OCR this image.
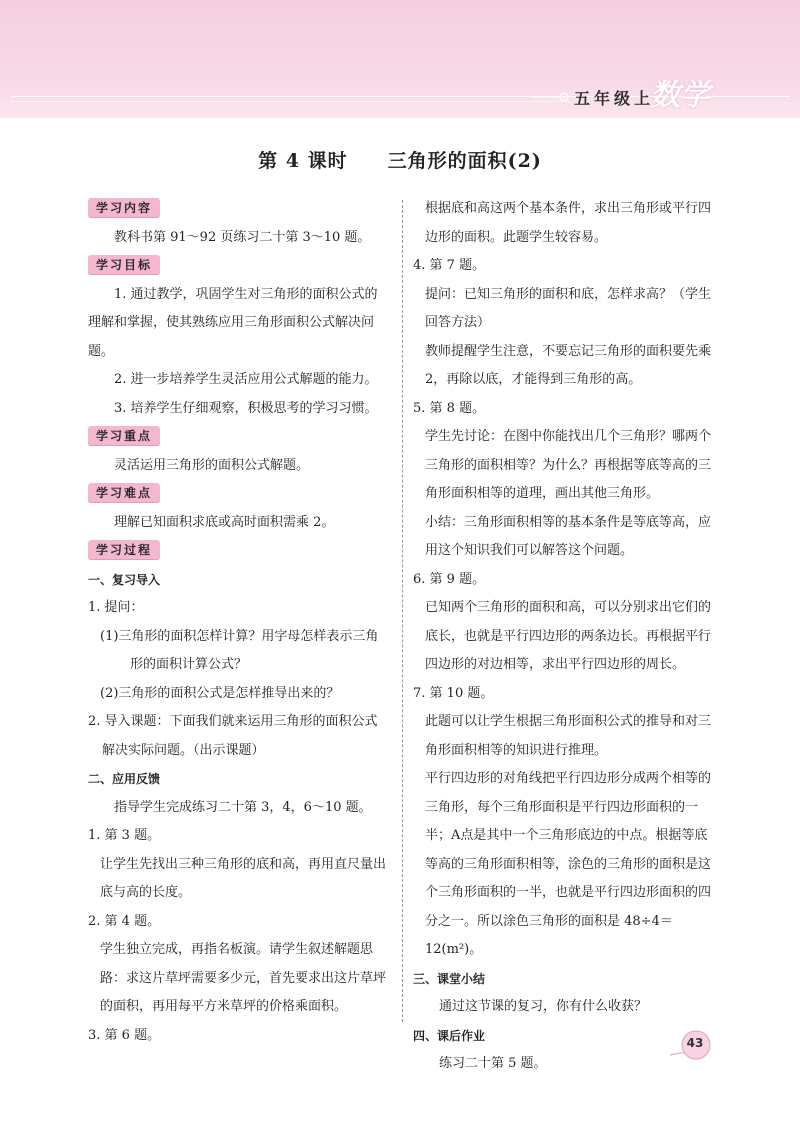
五年级上
数学
第 4 课时　　三角形的面积(2)
学习内容

教科书第 91～92 页练习二十第 3～10 题。

学习目标

1. 通过教学，巩固学生对三角形的面积公式的理解和掌握，使其熟练应用三角形面积公式解决问题。

2. 进一步培养学生灵活应用公式解题的能力。

3. 培养学生仔细观察，积极思考的学习习惯。

学习重点

灵活运用三角形的面积公式解题。

学习难点

理解已知面积求底或高时面积需乘 2。

学习过程

一、复习导入

1. 提问：

(1)三角形的面积怎样计算？用字母怎样表示三角形的面积计算公式？

(2)三角形的面积公式是怎样推导出来的？

2. 导入课题：下面我们就来运用三角形的面积公式解决实际问题。（出示课题）

二、应用反馈

指导学生完成练习二十第 3，4，6～10 题。

1. 第 3 题。

让学生先找出三种三角形的底和高，再用直尺量出底与高的长度。

2. 第 4 题。

学生独立完成，再指名板演。请学生叙述解题思路：求这片草坪需要多少元，首先要求出这片草坪的面积，再用每平方米草坪的价格乘面积。

3. 第 6 题。

根据底和高这两个基本条件，求出三角形或平行四边形的面积。此题学生较容易。

4. 第 7 题。

提问：已知三角形的面积和底，怎样求高？（学生回答方法）

教师提醒学生注意，不要忘记三角形的面积要先乘 2，再除以底，才能得到三角形的高。

5. 第 8 题。

学生先讨论：在图中你能找出几个三角形？哪两个三角形的面积相等？为什么？再根据等底等高的三角形面积相等的道理，画出其他三角形。

小结：三角形面积相等的基本条件是等底等高，应用这个知识我们可以解答这个问题。

6. 第 9 题。

已知两个三角形的面积和高，可以分别求出它们的底长，也就是平行四边形的两条边长。再根据平行四边形的对边相等，求出平行四边形的周长。

7. 第 10 题。

此题可以让学生根据三角形面积公式的推导和对三角形面积相等的知识进行推理。

平行四边形的对角线把平行四边形分成两个相等的三角形，每个三角形面积是平行四边形面积的一半；A点是其中一个三角形底边的中点。根据等底等高的三角形面积相等，涂色的三角形的面积是这个三角形面积的一半，也就是平行四边形面积的四分之一。所以涂色三角形的面积是 48÷4＝12(m²)。

三、课堂小结

通过这节课的复习，你有什么收获？

四、课后作业

练习二十第 5 题。

43
